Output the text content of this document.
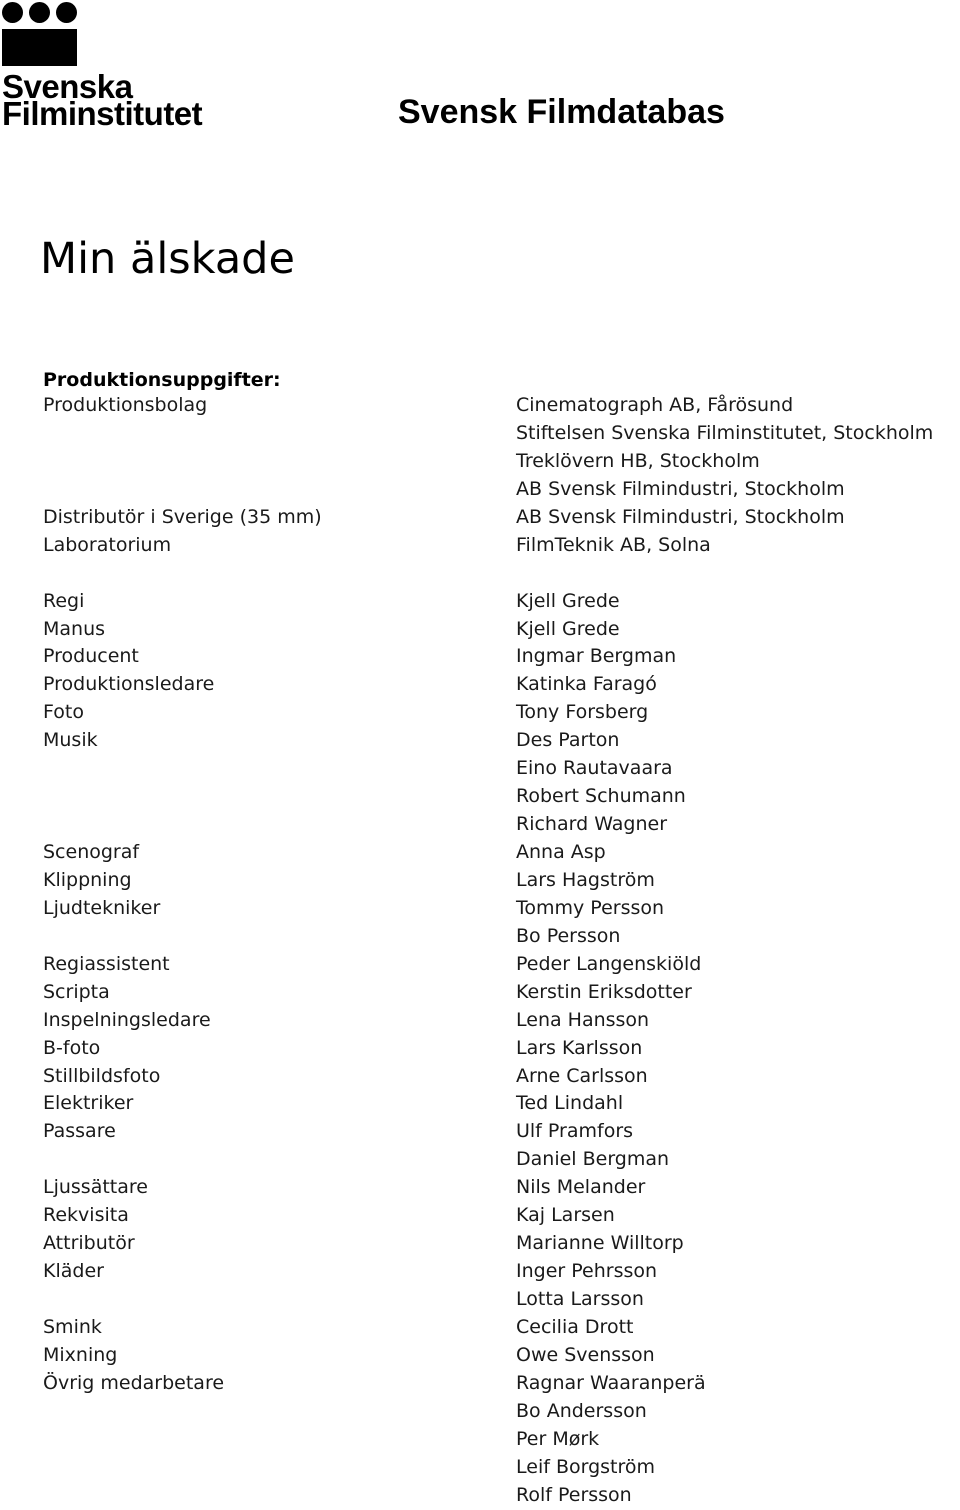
Svenska
Filminstitutet	Svensk Filmdatabas
Min älskade
Produktionsuppgifter:
Produktionsbolag	Cinematograph AB, Fårösund
Stiftelsen Svenska Filminstitutet, Stockholm
Treklövern HB, Stockholm
AB Svensk Filmindustri, Stockholm
Distributör i Sverige (35 mm)	AB Svensk Filmindustri, Stockholm
Laboratorium	FilmTeknik AB, Solna
Regi	Kjell Grede
Manus	Kjell Grede
Producent	Ingmar Bergman
Produktionsledare	Katinka Faragó
Foto	Tony Forsberg
Musik	Des Parton
Eino Rautavaara
Robert Schumann
Richard Wagner
Scenograf	Anna Asp
Klippning	Lars Hagström
Ljudtekniker	Tommy Persson
Bo Persson
Regiassistent	Peder Langenskiöld
Scripta	Kerstin Eriksdotter
Inspelningsledare	Lena Hansson
B-foto	Lars Karlsson
Stillbildsfoto	Arne Carlsson
Elektriker	Ted Lindahl
Passare	Ulf Pramfors
Daniel Bergman
Ljussättare	Nils Melander
Rekvisita	Kaj Larsen
Attributör	Marianne Willtorp
Kläder	Inger Pehrsson
Lotta Larsson
Smink	Cecilia Drott
Mixning	Owe Svensson
Övrig medarbetare	Ragnar Waaranperä
Bo Andersson
Per Mørk
Leif Borgström
Rolf Persson
